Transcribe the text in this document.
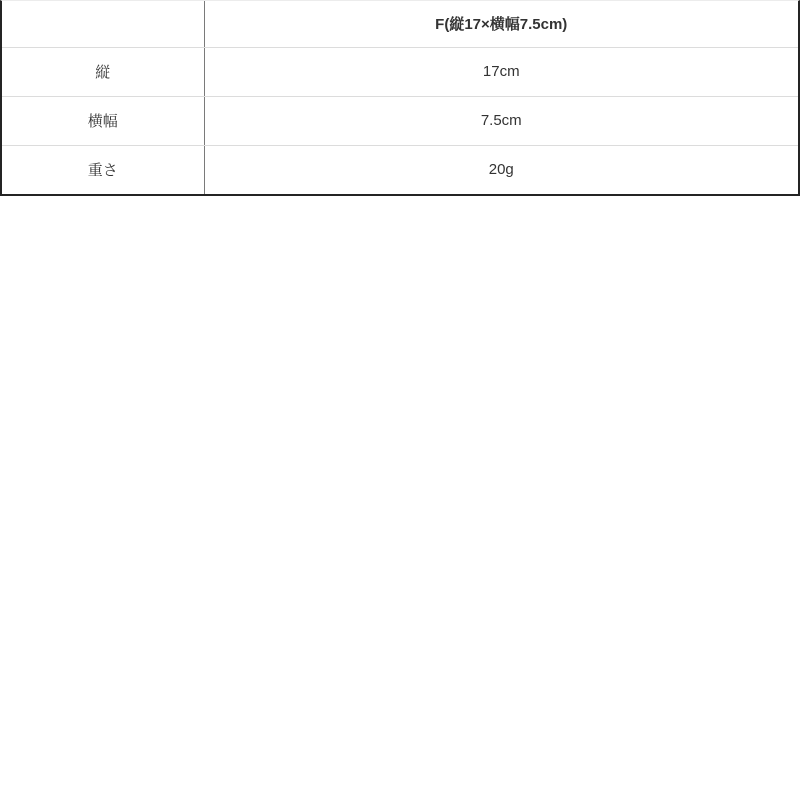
	F(縦17×横幅7.5cm)
縦	17cm
横幅	7.5cm
重さ	20g
